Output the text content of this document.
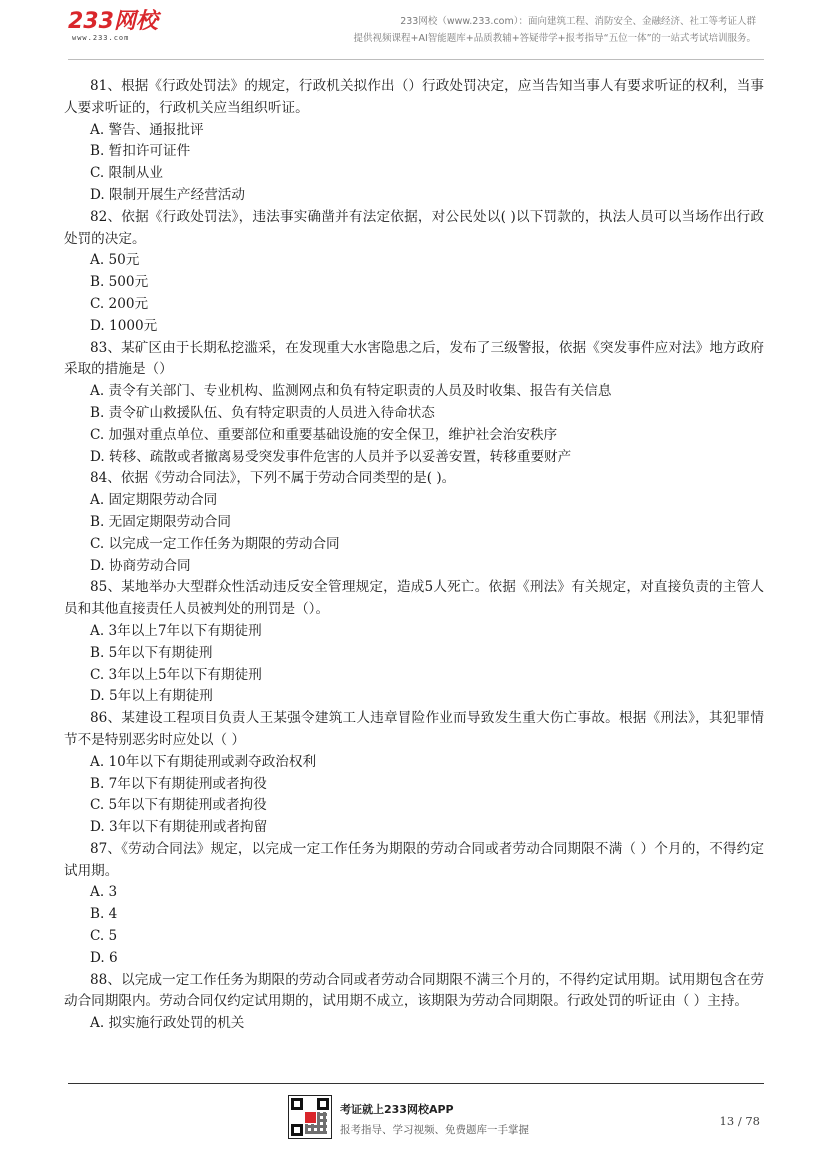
233网校
www.233.com
233网校（www.233.com）：面向建筑工程、消防安全、金融经济、社工等考证人群
提供视频课程+AI智能题库+品质教辅+答疑带学+报考指导“五位一体”的一站式考试培训服务。

81、根据《行政处罚法》的规定，行政机关拟作出（）行政处罚决定，应当告知当事人有要求听证的权利，当事人要求听证的，行政机关应当组织听证。

A. 警告、通报批评

B. 暂扣许可证件

C. 限制从业

D. 限制开展生产经营活动

82、依据《行政处罚法》，违法事实确凿并有法定依据，对公民处以( )以下罚款的，执法人员可以当场作出行政处罚的决定。

A. 50元

B. 500元

C. 200元

D. 1000元

83、某矿区由于长期私挖滥采，在发现重大水害隐患之后，发布了三级警报，依据《突发事件应对法》地方政府采取的措施是（）

A. 责令有关部门、专业机构、监测网点和负有特定职责的人员及时收集、报告有关信息

B. 责令矿山救援队伍、负有特定职责的人员进入待命状态

C. 加强对重点单位、重要部位和重要基础设施的安全保卫，维护社会治安秩序

D. 转移、疏散或者撤离易受突发事件危害的人员并予以妥善安置，转移重要财产

84、依据《劳动合同法》，下列不属于劳动合同类型的是( )。

A. 固定期限劳动合同

B. 无固定期限劳动合同

C. 以完成一定工作任务为期限的劳动合同

D. 协商劳动合同

85、某地举办大型群众性活动违反安全管理规定，造成5人死亡。依据《刑法》有关规定，对直接负责的主管人员和其他直接责任人员被判处的刑罚是（）。

A. 3年以上7年以下有期徒刑

B. 5年以下有期徒刑

C. 3年以上5年以下有期徒刑

D. 5年以上有期徒刑

86、某建设工程项目负责人王某强令建筑工人违章冒险作业而导致发生重大伤亡事故。根据《刑法》，其犯罪情节不是特别恶劣时应处以（ ）

A. 10年以下有期徒刑或剥夺政治权利

B. 7年以下有期徒刑或者拘役

C. 5年以下有期徒刑或者拘役

D. 3年以下有期徒刑或者拘留

87、《劳动合同法》规定，以完成一定工作任务为期限的劳动合同或者劳动合同期限不满（ ）个月的，不得约定试用期。

A. 3

B. 4

C. 5

D. 6

88、以完成一定工作任务为期限的劳动合同或者劳动合同期限不满三个月的，不得约定试用期。试用期包含在劳动合同期限内。劳动合同仅约定试用期的，试用期不成立，该期限为劳动合同期限。行政处罚的听证由（ ）主持。

A. 拟实施行政处罚的机关

考证就上233网校APP
报考指导、学习视频、免费题库一手掌握
13 / 78
